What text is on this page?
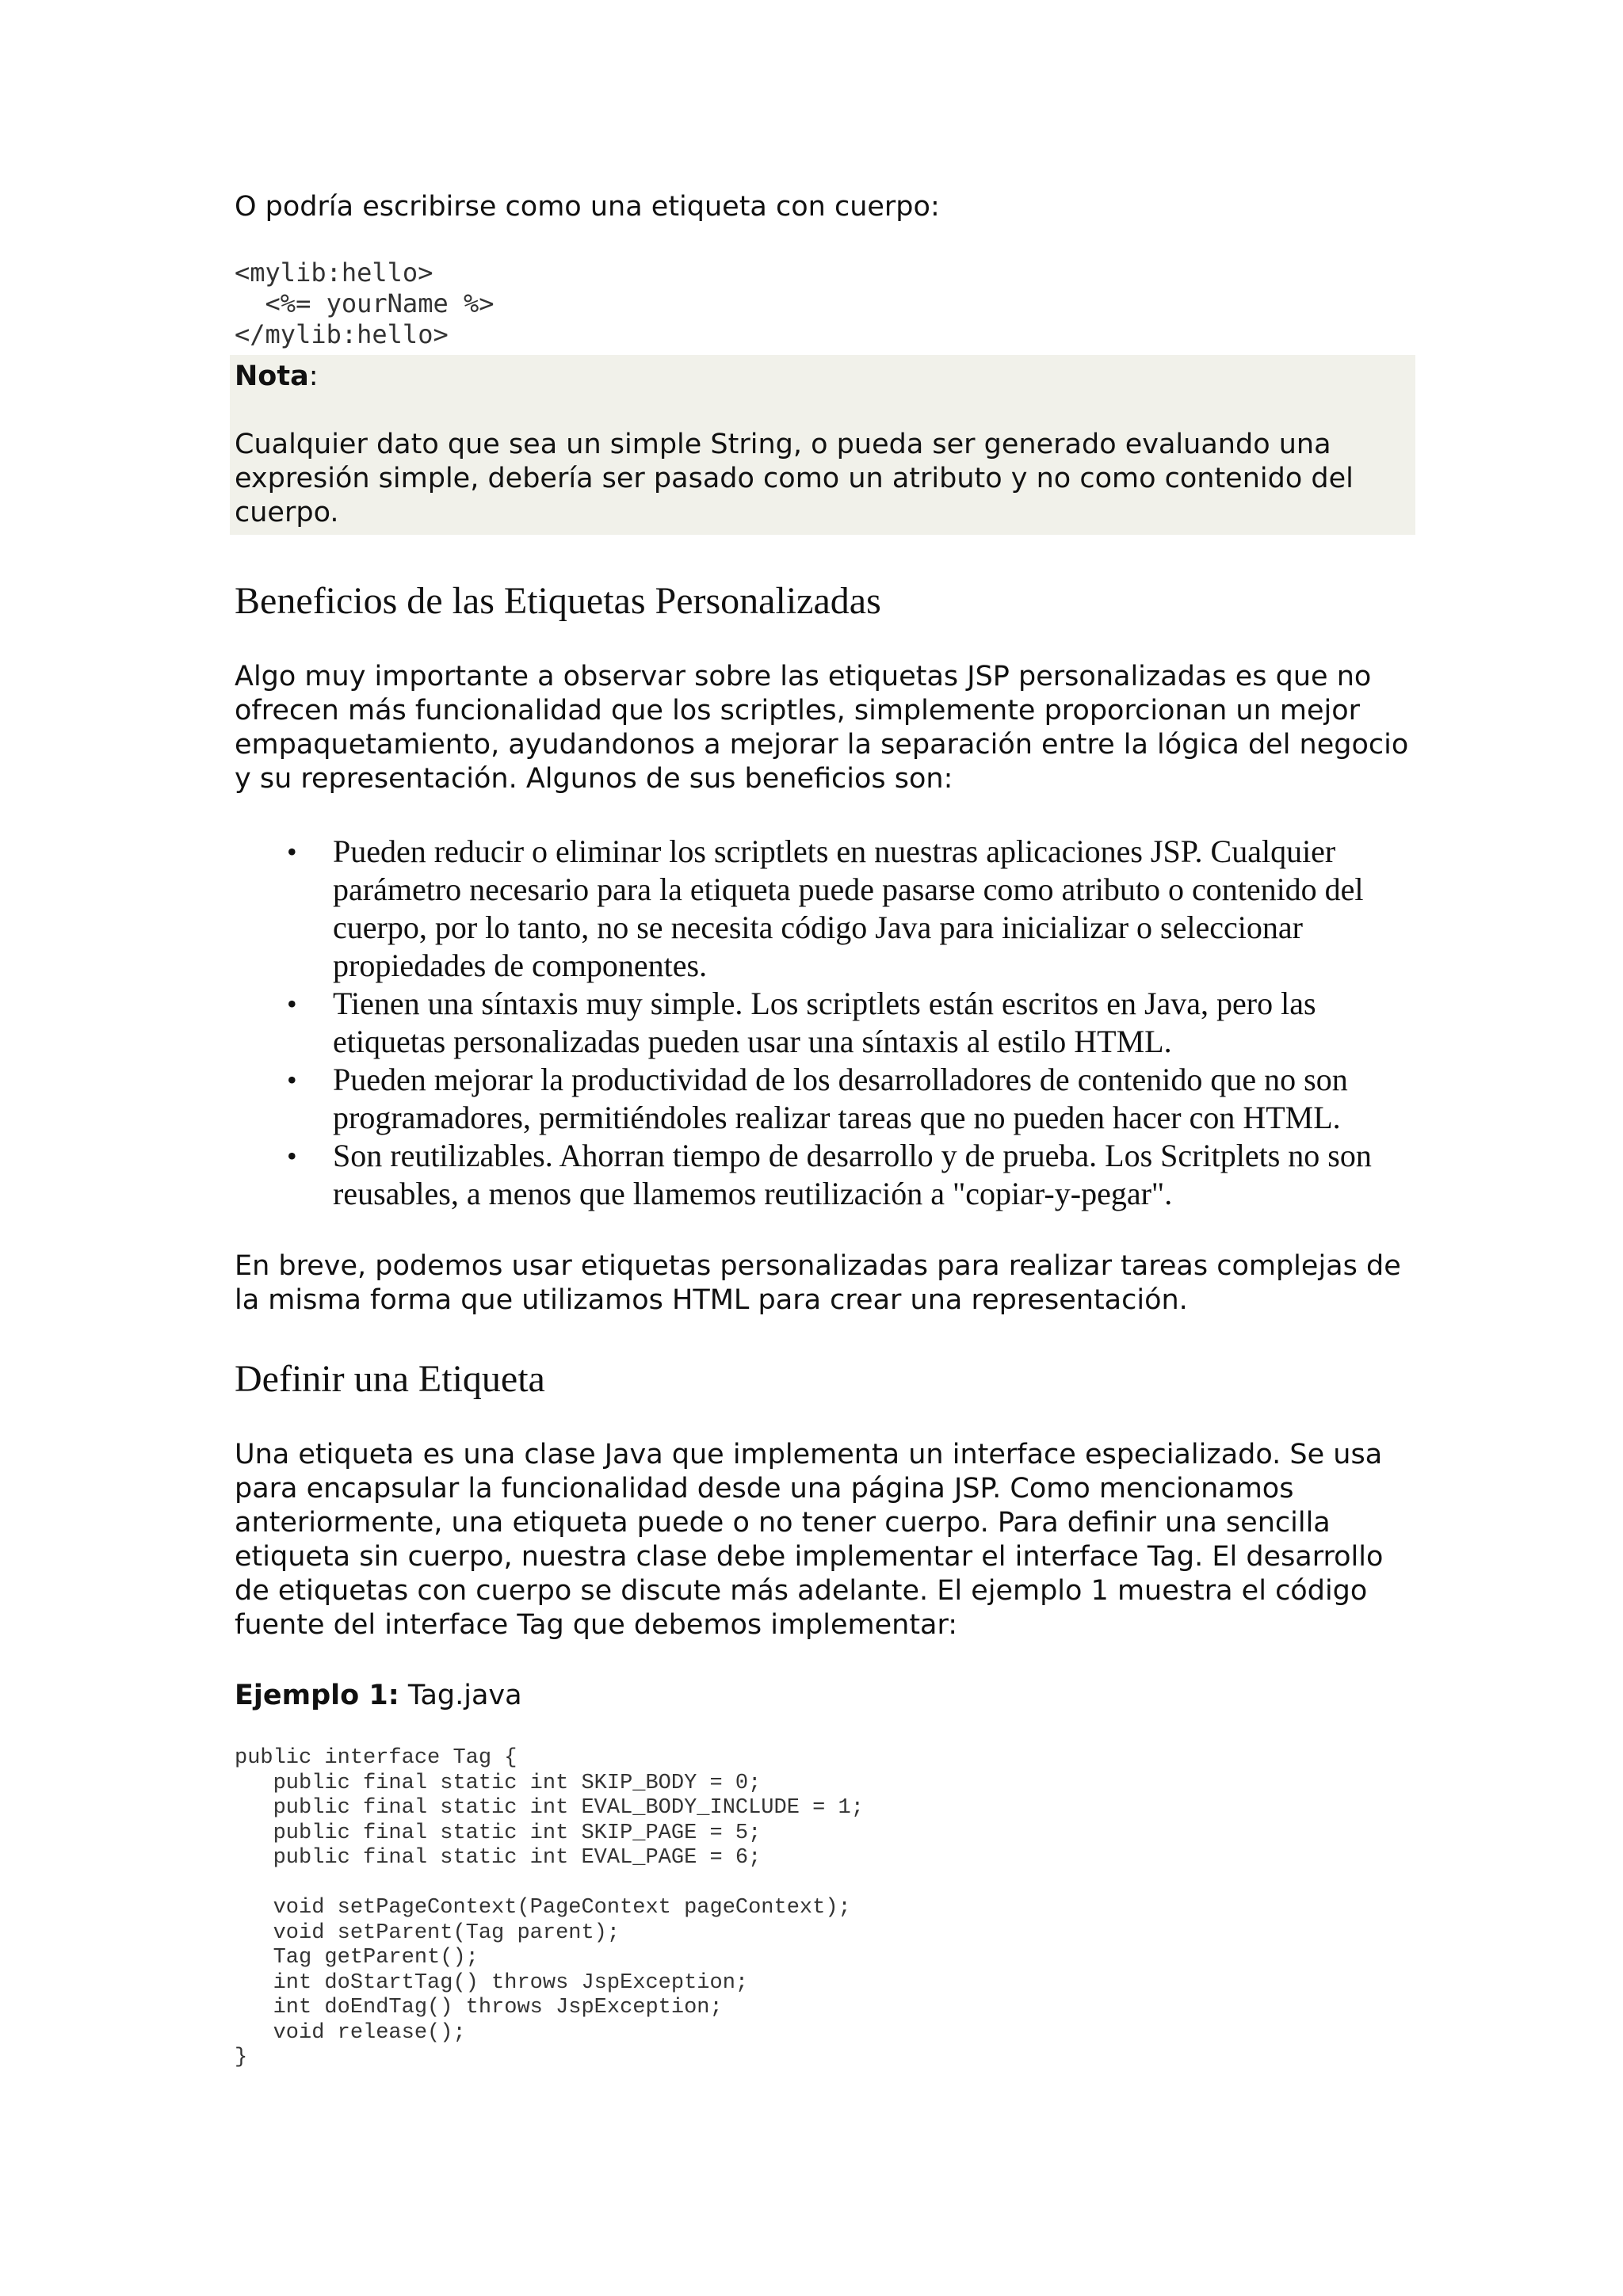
O podría escribirse como una etiqueta con cuerpo:

<mylib:hello>
<%= yourName %>
</mylib:hello>
Nota:

Cualquier dato que sea un simple String, o pueda ser generado evaluando una expresión simple, debería ser pasado como un atributo y no como contenido del cuerpo.

Beneficios de las Etiquetas Personalizadas

Algo muy importante a observar sobre las etiquetas JSP personalizadas es que no ofrecen más funcionalidad que los scriptles, simplemente proporcionan un mejor empaquetamiento, ayudandonos a mejorar la separación entre la lógica del negocio y su representación. Algunos de sus beneficios son:

• Pueden reducir o eliminar los scriptlets en nuestras aplicaciones JSP. Cualquier parámetro necesario para la etiqueta puede pasarse como atributo o contenido del cuerpo, por lo tanto, no se necesita código Java para inicializar o seleccionar propiedades de componentes.
• Tienen una síntaxis muy simple. Los scriptlets están escritos en Java, pero las etiquetas personalizadas pueden usar una síntaxis al estilo HTML.
• Pueden mejorar la productividad de los desarrolladores de contenido que no son programadores, permitiéndoles realizar tareas que no pueden hacer con HTML.
• Son reutilizables. Ahorran tiempo de desarrollo y de prueba. Los Scritplets no son reusables, a menos que llamemos reutilización a "copiar-y-pegar".

En breve, podemos usar etiquetas personalizadas para realizar tareas complejas de la misma forma que utilizamos HTML para crear una representación.

Definir una Etiqueta

Una etiqueta es una clase Java que implementa un interface especializado. Se usa para encapsular la funcionalidad desde una página JSP. Como mencionamos anteriormente, una etiqueta puede o no tener cuerpo. Para definir una sencilla etiqueta sin cuerpo, nuestra clase debe implementar el interface Tag. El desarrollo de etiquetas con cuerpo se discute más adelante. El ejemplo 1 muestra el código fuente del interface Tag que debemos implementar:

Ejemplo 1: Tag.java

public interface Tag {
public final static int SKIP_BODY = 0;
public final static int EVAL_BODY_INCLUDE = 1;
public final static int SKIP_PAGE = 5;
public final static int EVAL_PAGE = 6;

void setPageContext(PageContext pageContext);
void setParent(Tag parent);
Tag getParent();
int doStartTag() throws JspException;
int doEndTag() throws JspException;
void release();
}
